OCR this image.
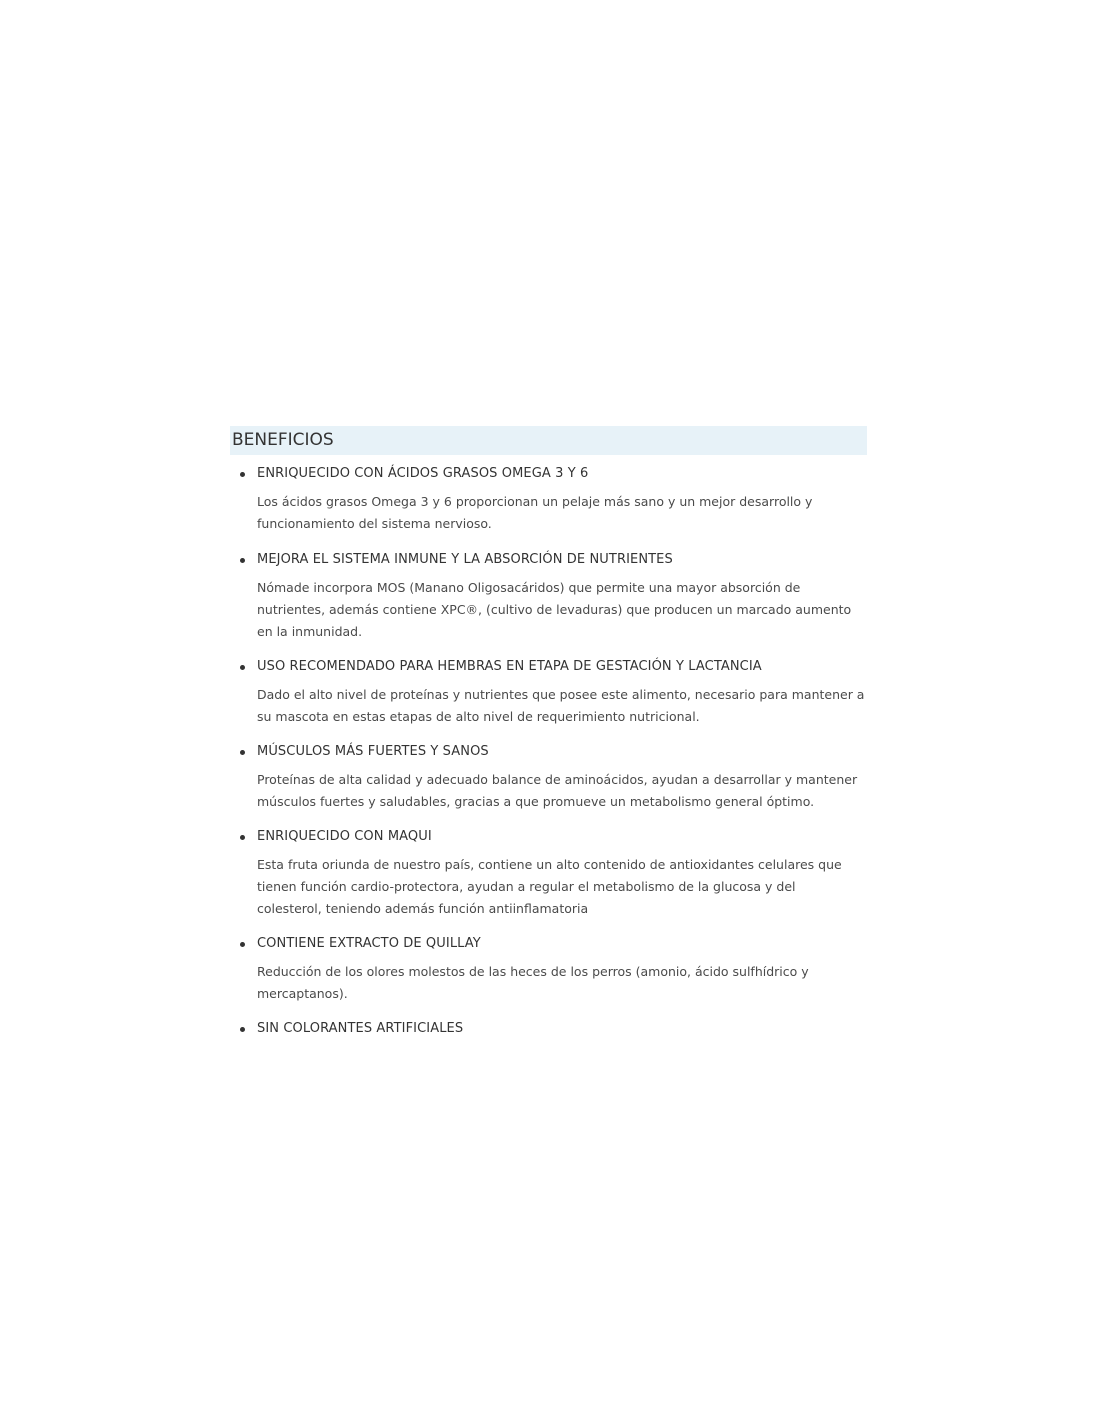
BENEFICIOS
ENRIQUECIDO CON ÁCIDOS GRASOS OMEGA 3 Y 6
Los ácidos grasos Omega 3 y 6 proporcionan un pelaje más sano y un mejor desarrollo y
funcionamiento del sistema nervioso.
MEJORA EL SISTEMA INMUNE Y LA ABSORCIÓN DE NUTRIENTES
Nómade incorpora MOS (Manano Oligosacáridos) que permite una mayor absorción de
nutrientes, además contiene XPC®, (cultivo de levaduras) que producen un marcado aumento
en la inmunidad.
USO RECOMENDADO PARA HEMBRAS EN ETAPA DE GESTACIÓN Y LACTANCIA
Dado el alto nivel de proteínas y nutrientes que posee este alimento, necesario para mantener a
su mascota en estas etapas de alto nivel de requerimiento nutricional.
MÚSCULOS MÁS FUERTES Y SANOS
Proteínas de alta calidad y adecuado balance de aminoácidos, ayudan a desarrollar y mantener
músculos fuertes y saludables, gracias a que promueve un metabolismo general óptimo.
ENRIQUECIDO CON MAQUI
Esta fruta oriunda de nuestro país, contiene un alto contenido de antioxidantes celulares que
tienen función cardio-protectora, ayudan a regular el metabolismo de la glucosa y del
colesterol, teniendo además función antiinflamatoria
CONTIENE EXTRACTO DE QUILLAY
Reducción de los olores molestos de las heces de los perros (amonio, ácido sulfhídrico y
mercaptanos).
SIN COLORANTES ARTIFICIALES
